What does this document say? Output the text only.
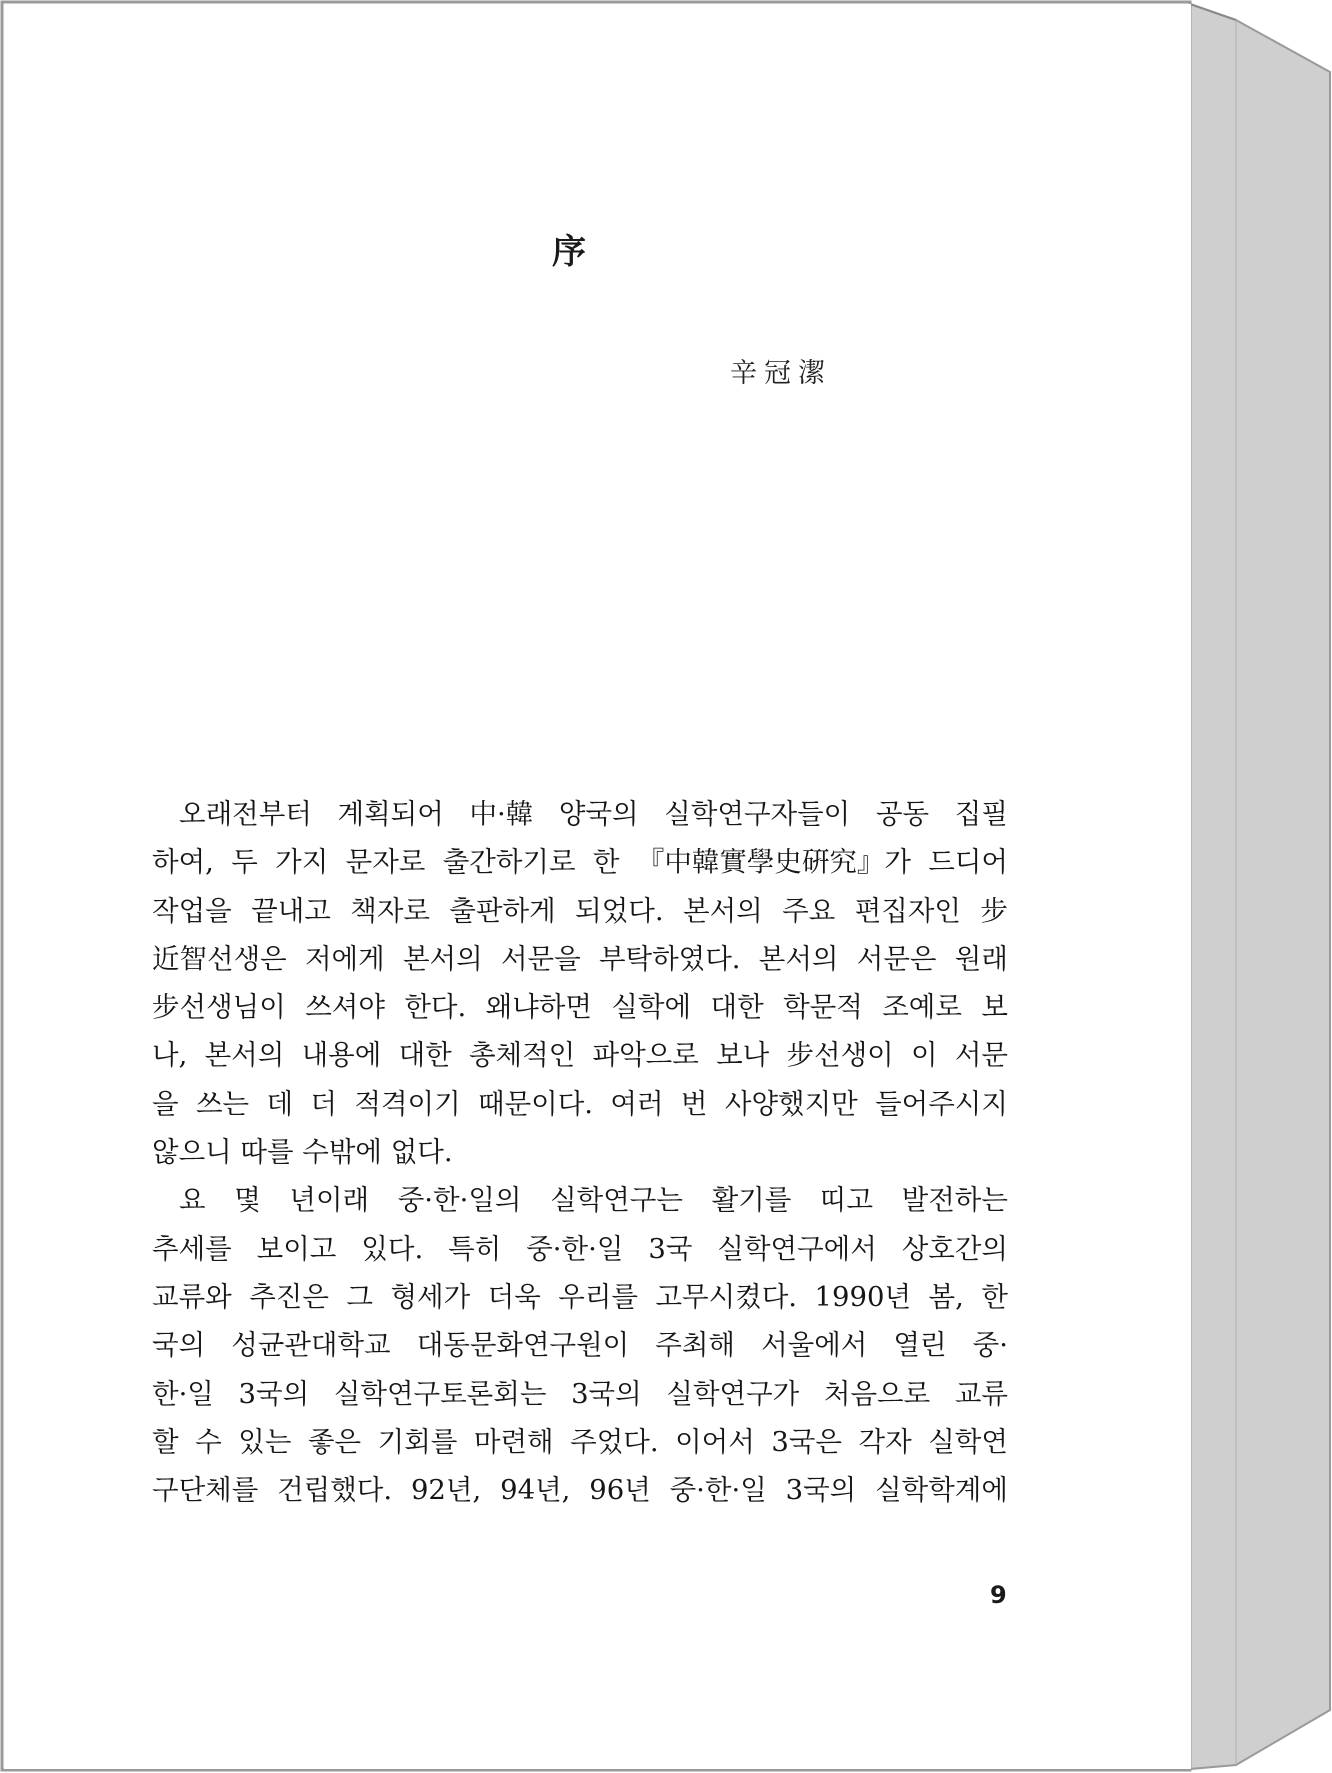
序
辛冠潔
오래전부터 계획되어 中·韓 양국의 실학연구자들이 공동 집필
하여, 두 가지 문자로 출간하기로 한 『中韓實學史硏究』가 드디어
작업을 끝내고 책자로 출판하게 되었다. 본서의 주요 편집자인 步
近智선생은 저에게 본서의 서문을 부탁하였다. 본서의 서문은 원래
步선생님이 쓰셔야 한다. 왜냐하면 실학에 대한 학문적 조예로 보
나, 본서의 내용에 대한 총체적인 파악으로 보나 步선생이 이 서문
을 쓰는 데 더 적격이기 때문이다. 여러 번 사양했지만 들어주시지
않으니 따를 수밖에 없다.
요 몇 년이래 중·한·일의 실학연구는 활기를 띠고 발전하는
추세를 보이고 있다. 특히 중·한·일 3국 실학연구에서 상호간의
교류와 추진은 그 형세가 더욱 우리를 고무시켰다. 1990년 봄, 한
국의 성균관대학교 대동문화연구원이 주최해 서울에서 열린 중·
한·일 3국의 실학연구토론회는 3국의 실학연구가 처음으로 교류
할 수 있는 좋은 기회를 마련해 주었다. 이어서 3국은 각자 실학연
구단체를 건립했다. 92년, 94년, 96년 중·한·일 3국의 실학학계에
9
